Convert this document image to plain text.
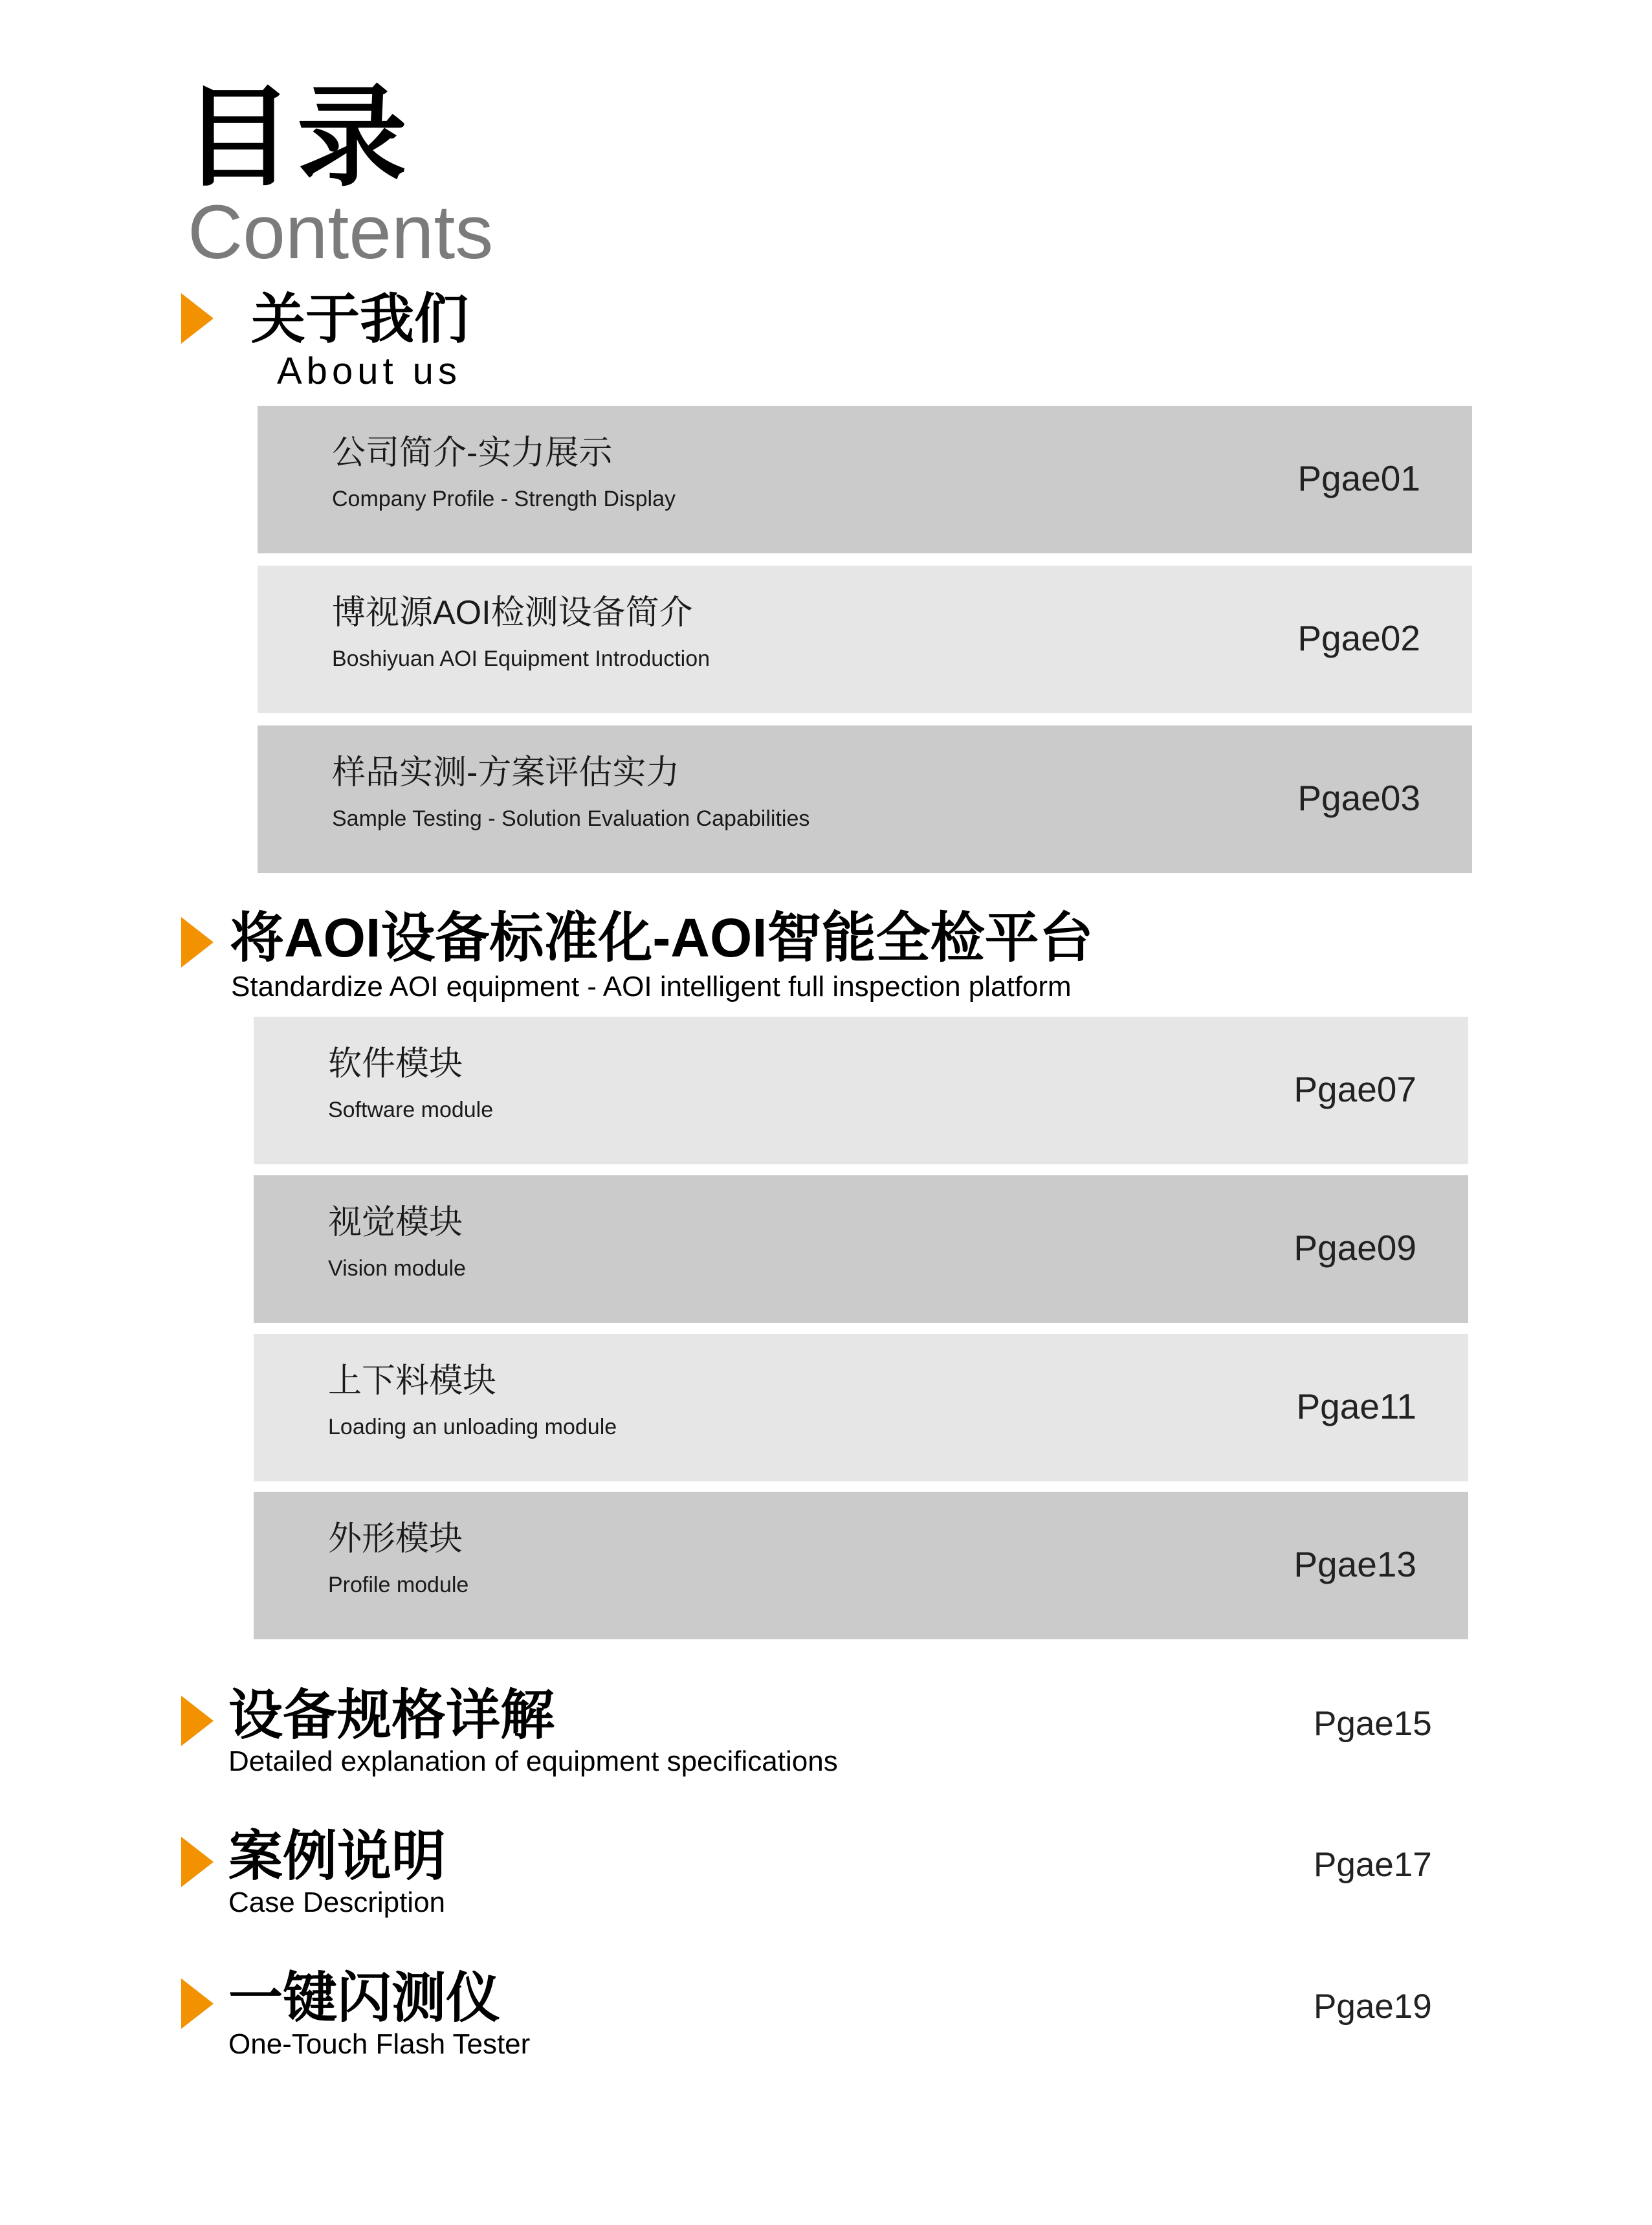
目录
Contents
关于我们
About us
公司简介-实力展示
Company Profile - Strength Display
Pgae01
博视源AOI检测设备简介
Boshiyuan AOI Equipment Introduction
Pgae02
样品实测-方案评估实力
Sample Testing - Solution Evaluation Capabilities
Pgae03
将AOI设备标准化-AOI智能全检平台
Standardize AOI equipment - AOI intelligent full inspection platform
软件模块
Software module
Pgae07
视觉模块
Vision module
Pgae09
上下料模块
Loading an unloading module
Pgae11
外形模块
Profile module
Pgae13
设备规格详解
Detailed explanation of equipment specifications
Pgae15
案例说明
Case Description
Pgae17
一键闪测仪
One-Touch Flash Tester
Pgae19
